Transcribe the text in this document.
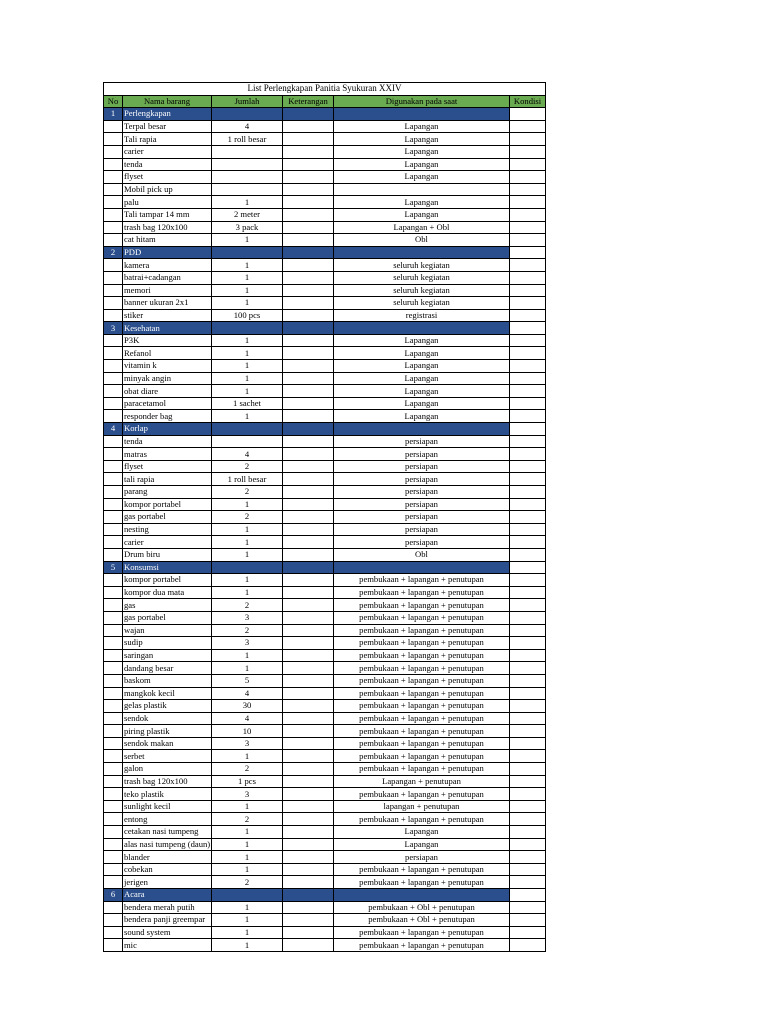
List Perlengkapan Panitia Syukuran XXIV					
No	Nama barang	Jumlah	Keterangan	Digunakan pada saat	Kondisi
1	Perlengkapan				
	Terpal besar	4		Lapangan	
	Tali rapia	1 roll besar		Lapangan	
	carier			Lapangan	
	tenda			Lapangan	
	flyset			Lapangan	
	Mobil pick up				
	palu	1		Lapangan	
	Tali tampar 14 mm	2 meter		Lapangan	
	trash bag 120x100	3 pack		Lapangan + Obl	
	cat hitam	1		Obl	
2	PDD				
	kamera	1		seluruh kegiatan	
	batrai+cadangan	1		seluruh kegiatan	
	memori	1		seluruh kegiatan	
	banner ukuran 2x1	1		seluruh kegiatan	
	stiker	100 pcs		registrasi	
3	Kesehatan				
	P3K	1		Lapangan	
	Refanol	1		Lapangan	
	vitamin k	1		Lapangan	
	minyak angin	1		Lapangan	
	obat diare	1		Lapangan	
	paracetamol	1 sachet		Lapangan	
	responder bag	1		Lapangan	
4	Korlap				
	tenda			persiapan	
	matras	4		persiapan	
	flyset	2		persiapan	
	tali rapia	1 roll besar		persiapan	
	parang	2		persiapan	
	kompor portabel	1		persiapan	
	gas portabel	2		persiapan	
	nesting	1		persiapan	
	carier	1		persiapan	
	Drum biru	1		Obl	
5	Konsumsi				
	kompor portabel	1		pembukaan + lapangan + penutupan	
	kompor dua mata	1		pembukaan + lapangan + penutupan	
	gas	2		pembukaan + lapangan + penutupan	
	gas portabel	3		pembukaan + lapangan + penutupan	
	wajan	2		pembukaan + lapangan + penutupan	
	sudip	3		pembukaan + lapangan + penutupan	
	saringan	1		pembukaan + lapangan + penutupan	
	dandang besar	1		pembukaan + lapangan + penutupan	
	baskom	5		pembukaan + lapangan + penutupan	
	mangkok kecil	4		pembukaan + lapangan + penutupan	
	gelas plastik	30		pembukaan + lapangan + penutupan	
	sendok	4		pembukaan + lapangan + penutupan	
	piring plastik	10		pembukaan + lapangan + penutupan	
	sendok makan	3		pembukaan + lapangan + penutupan	
	serbet	1		pembukaan + lapangan + penutupan	
	galon	2		pembukaan + lapangan + penutupan	
	trash bag 120x100	1 pcs		Lapangan + penutupan	
	teko plastik	3		pembukaan + lapangan + penutupan	
	sunlight kecil	1		lapangan + penutupan	
	entong	2		pembukaan + lapangan + penutupan	
	cetakan nasi tumpeng	1		Lapangan	
	alas nasi tumpeng (daun)	1		Lapangan	
	blander	1		persiapan	
	cobekan	1		pembukaan + lapangan + penutupan	
	jerigen	2		pembukaan + lapangan + penutupan	
6	Acara				
	bendera merah putih	1		pembukaan + Obl + penutupan	
	bendera panji greempar	1		pembukaan + Obl + penutupan	
	sound system	1		pembukaan + lapangan + penutupan	
	mic	1		pembukaan + lapangan + penutupan	
